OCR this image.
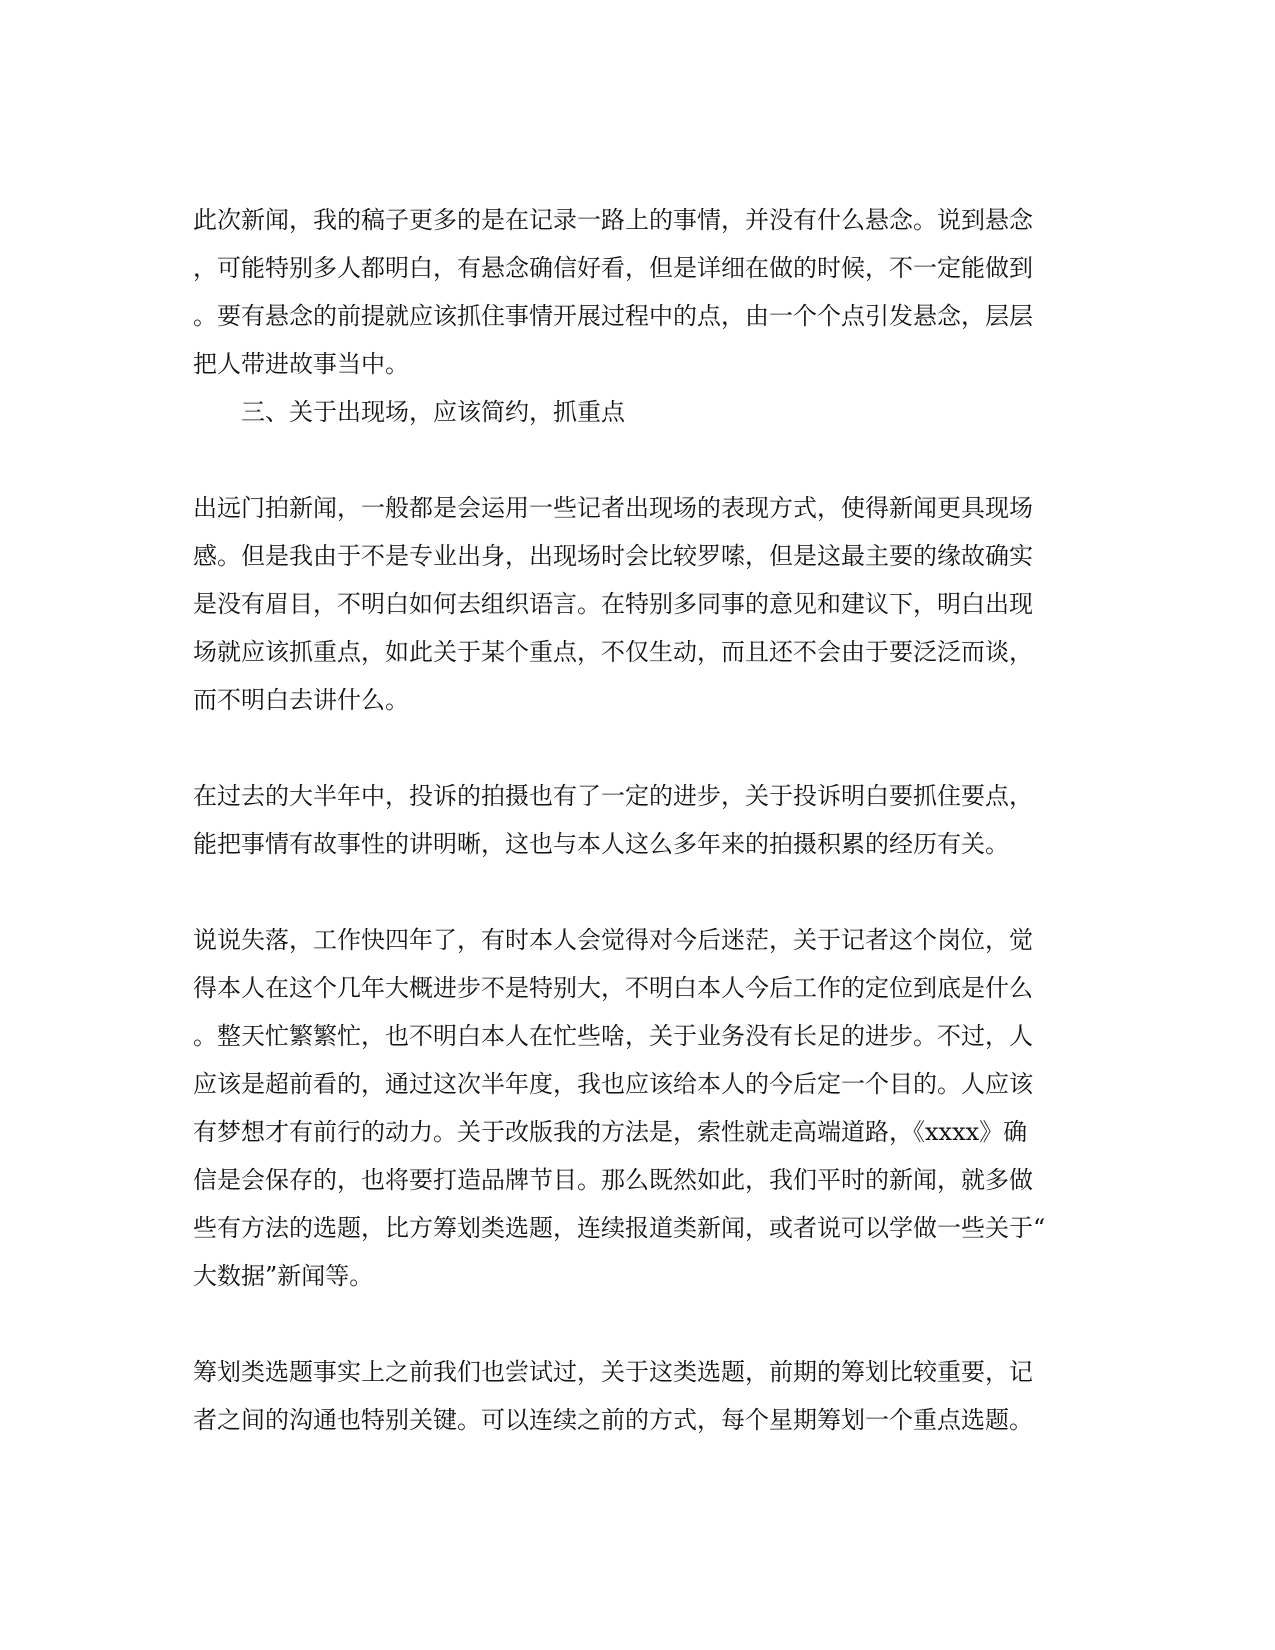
此次新闻，我的稿子更多的是在记录一路上的事情，并没有什么悬念。说到悬念
，可能特别多人都明白，有悬念确信好看，但是详细在做的时候，不一定能做到
。要有悬念的前提就应该抓住事情开展过程中的点，由一个个点引发悬念，层层
把人带进故事当中。
三、关于出现场，应该简约，抓重点
出远门拍新闻，一般都是会运用一些记者出现场的表现方式，使得新闻更具现场
感。但是我由于不是专业出身，出现场时会比较罗嗦，但是这最主要的缘故确实
是没有眉目，不明白如何去组织语言。在特别多同事的意见和建议下，明白出现
场就应该抓重点，如此关于某个重点，不仅生动，而且还不会由于要泛泛而谈，
而不明白去讲什么。
在过去的大半年中，投诉的拍摄也有了一定的进步，关于投诉明白要抓住要点，
能把事情有故事性的讲明晰，这也与本人这么多年来的拍摄积累的经历有关。
说说失落，工作快四年了，有时本人会觉得对今后迷茫，关于记者这个岗位，觉
得本人在这个几年大概进步不是特别大，不明白本人今后工作的定位到底是什么
。整天忙繁繁忙，也不明白本人在忙些啥，关于业务没有长足的进步。不过，人
应该是超前看的，通过这次半年度，我也应该给本人的今后定一个目的。人应该
有梦想才有前行的动力。关于改版我的方法是，索性就走高端道路，《xxxx》确
信是会保存的，也将要打造品牌节目。那么既然如此，我们平时的新闻，就多做
些有方法的选题，比方筹划类选题，连续报道类新闻，或者说可以学做一些关于“
大数据”新闻等。
筹划类选题事实上之前我们也尝试过，关于这类选题，前期的筹划比较重要，记
者之间的沟通也特别关键。可以连续之前的方式，每个星期筹划一个重点选题。
